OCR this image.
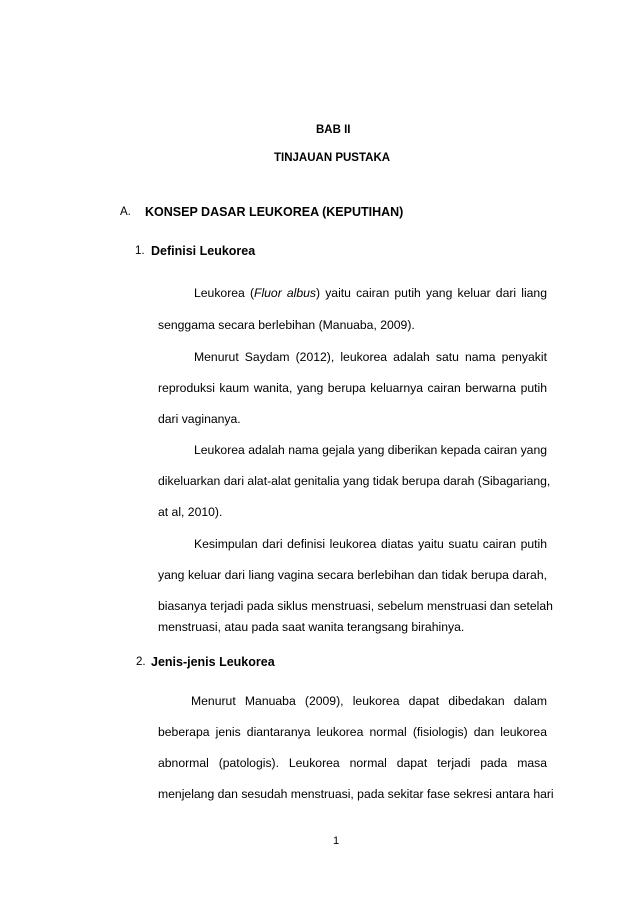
BAB II
TINJAUAN PUSTAKA
A. KONSEP DASAR LEUKOREA (KEPUTIHAN)
1. Definisi Leukorea
Leukorea (Fluor albus) yaitu cairan putih yang keluar dari liang
senggama secara berlebihan (Manuaba, 2009).
Menurut Saydam (2012), leukorea adalah satu nama penyakit
reproduksi kaum wanita, yang berupa keluarnya cairan berwarna putih
dari vaginanya.
Leukorea adalah nama gejala yang diberikan kepada cairan yang
dikeluarkan dari alat-alat genitalia yang tidak berupa darah (Sibagariang,
at al, 2010).
Kesimpulan dari definisi leukorea diatas yaitu suatu cairan putih
yang keluar dari liang vagina secara berlebihan dan tidak berupa darah,
biasanya terjadi pada siklus menstruasi, sebelum menstruasi dan setelah
menstruasi, atau pada saat wanita terangsang birahinya.
2. Jenis-jenis Leukorea
Menurut Manuaba (2009), leukorea dapat dibedakan dalam
beberapa jenis diantaranya leukorea normal (fisiologis) dan leukorea
abnormal (patologis). Leukorea normal dapat terjadi pada masa
menjelang dan sesudah menstruasi, pada sekitar fase sekresi antara hari
1
